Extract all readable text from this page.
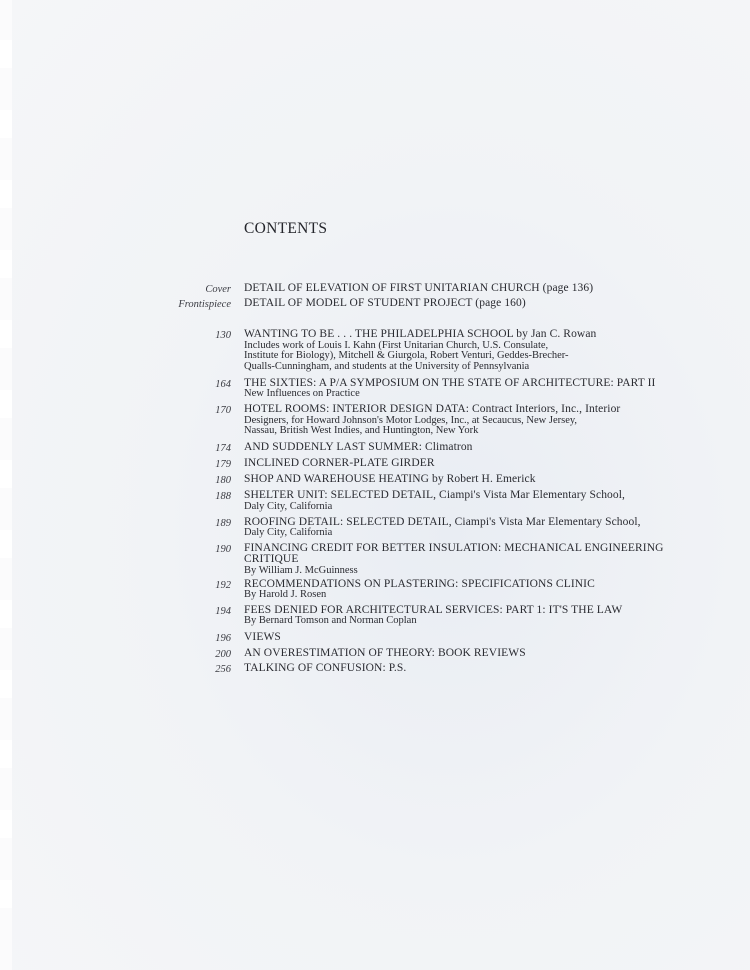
CONTENTS
Cover DETAIL OF ELEVATION OF FIRST UNITARIAN CHURCH (page 136)
Frontispiece DETAIL OF MODEL OF STUDENT PROJECT (page 160)
130 WANTING TO BE . . . THE PHILADELPHIA SCHOOL by Jan C. Rowan
Includes work of Louis I. Kahn (First Unitarian Church, U.S. Consulate,
Institute for Biology), Mitchell & Giurgola, Robert Venturi, Geddes-Brecher-
Qualls-Cunningham, and students at the University of Pennsylvania
164 THE SIXTIES: A P/A SYMPOSIUM ON THE STATE OF ARCHITECTURE: PART II
New Influences on Practice
170 HOTEL ROOMS: INTERIOR DESIGN DATA: Contract Interiors, Inc., Interior
Designers, for Howard Johnson's Motor Lodges, Inc., at Secaucus, New Jersey,
Nassau, British West Indies, and Huntington, New York
174 AND SUDDENLY LAST SUMMER: Climatron
179 INCLINED CORNER-PLATE GIRDER
180 SHOP AND WAREHOUSE HEATING by Robert H. Emerick
188 SHELTER UNIT: SELECTED DETAIL, Ciampi's Vista Mar Elementary School,
Daly City, California
189 ROOFING DETAIL: SELECTED DETAIL, Ciampi's Vista Mar Elementary School,
Daly City, California
190 FINANCING CREDIT FOR BETTER INSULATION: MECHANICAL ENGINEERING CRITIQUE
By William J. McGuinness
192 RECOMMENDATIONS ON PLASTERING: SPECIFICATIONS CLINIC
By Harold J. Rosen
194 FEES DENIED FOR ARCHITECTURAL SERVICES: PART 1: IT'S THE LAW
By Bernard Tomson and Norman Coplan
196 VIEWS
200 AN OVERESTIMATION OF THEORY: BOOK REVIEWS
256 TALKING OF CONFUSION: P.S.
